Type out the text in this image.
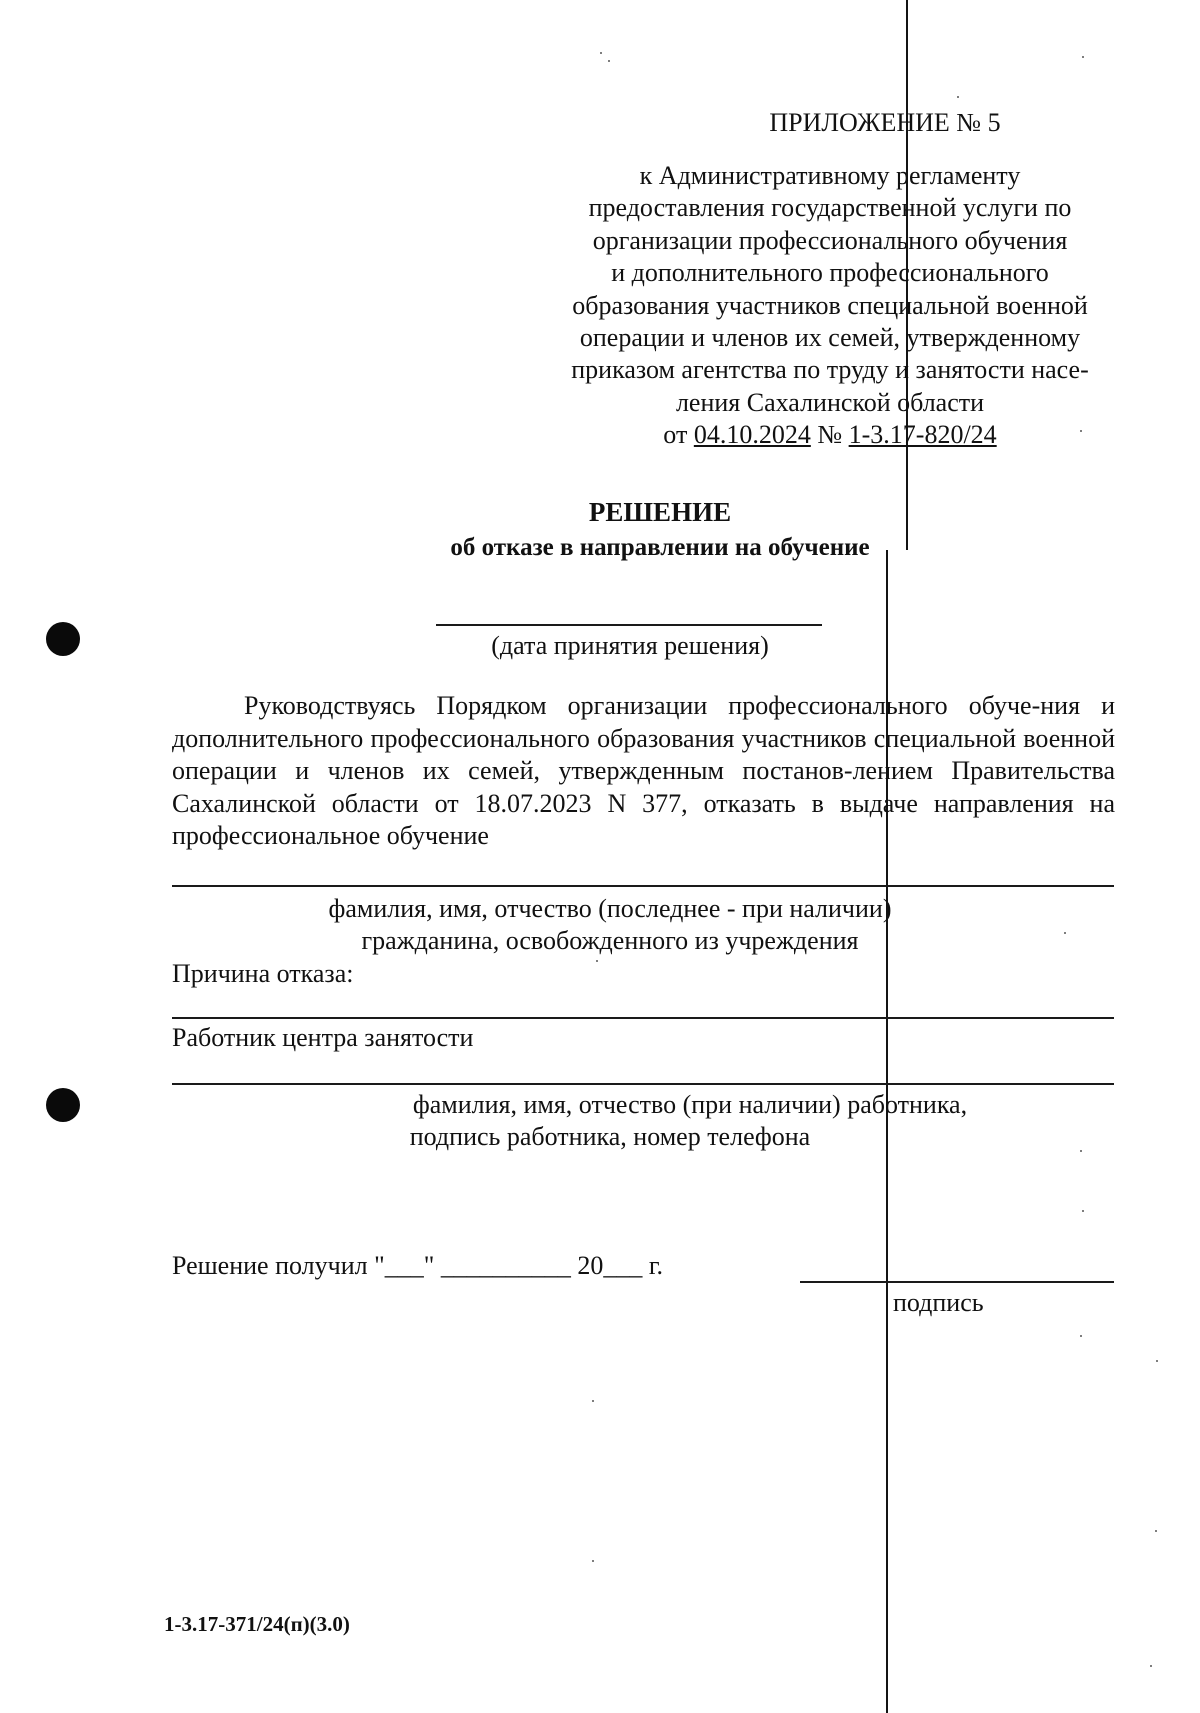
ПРИЛОЖЕНИЕ № 5
к Административному регламенту
предоставления государственной услуги по
организации профессионального обучения
и дополнительного профессионального
образования участников специальной военной
операции и членов их семей, утвержденному
приказом агентства по труду и занятости насе-
ления Сахалинской области
от 04.10.2024 № 1-3.17-820/24
РЕШЕНИЕ
об отказе в направлении на обучение
(дата принятия решения)
Руководствуясь Порядком организации профессионального обуче-ния и дополнительного профессионального образования участников специальной военной операции и членов их семей, утвержденным постанов-лением Правительства Сахалинской области от 18.07.2023 N 377, отказать в выдаче направления на профессиональное обучение
фамилия, имя, отчество (последнее - при наличии)
гражданина, освобожденного из учреждения
Причина отказа:
Работник центра занятости
фамилия, имя, отчество (при наличии) работника,
подпись работника, номер телефона
Решение получил "___" __________ 20___ г.
подпись
1-3.17-371/24(п)(3.0)
